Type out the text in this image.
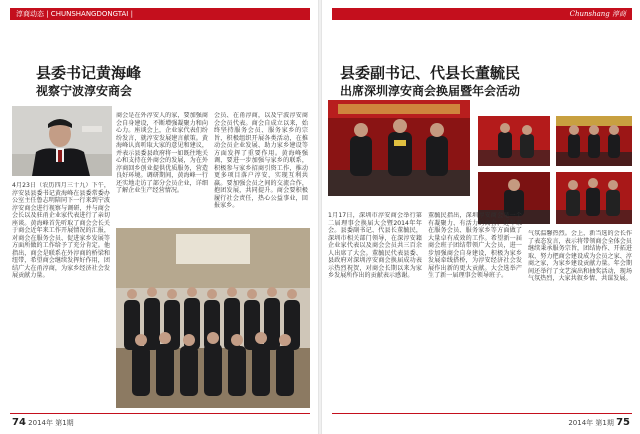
淳商动态 | CHUNSHANGDONGTAI |
县委书记黄海峰
视察宁波淳安商会
4月23日（农历四月三十九）下午，淳安县县委书记黄海峰在县委常委办公室主任鲁志明陪同下一行来到宁波淳安商会进行视察与调研，并与商会会长以及驻甬企业家代表进行了亲切座谈。黄海峰首先听取了商会会长关于商会近年来工作开展情况的汇报，对商会在服务会员、促进家乡发展等方面所做的工作给予了充分肯定。他指出，商会是联系在外淳商的桥梁和纽带，希望商会继续发挥好作用，团结广大在甬淳商，为家乡经济社会发展贡献力量。
商会是在外淳安人的家，要加强商会自身建设，不断增强凝聚力和向心力。座谈会上，企业家代表们纷纷发言，就淳安发展建言献策。黄海峰认真听取大家的意见和建议，并表示县委县政府将一如既往地关心和支持在外商会的发展，为在外淳商回乡创业提供优质服务，营造良好环境。调研期间，黄海峰一行还实地走访了部分会员企业，详细了解企业生产经营情况。
会员、在甬淳商，以及宁波淳安商会会员代表。商会自成立以来，始终坚持服务会员、服务家乡的宗旨，积极组织开展各类活动，在推动会员企业发展、助力家乡建设等方面发挥了重要作用。黄海峰强调，要进一步加强与家乡的联系，积极参与家乡招商引资工作，推动更多项目落户淳安，实现互利共赢。要加强会员之间的交流合作，抱团发展，共同提升。商会要积极履行社会责任，热心公益事业，回报家乡。
74 2014年 第1期
Chunshang 淳商
县委副书记、代县长董毓民
出席深圳淳安商会换届暨年会活动
1月17日，深圳市淳安商会举行第二届理事会换届大会暨2014年年会。县委副书记、代县长董毓民，深圳市相关部门领导，在深淳安籍企业家代表以及商会会员共三百余人出席了大会。董毓民代表县委、县政府对深圳淳安商会换届成功表示热烈祝贺，对商会长期以来为家乡发展所作出的贡献表示感谢。
董毓民指出，深圳淳安商会是一个有凝聚力、有活力的商会，近年来在服务会员、服务家乡等方面做了大量卓有成效的工作。希望新一届商会班子团结带领广大会员，进一步加强商会自身建设，积极为家乡发展牵线搭桥，为淳安经济社会发展作出新的更大贡献。大会选举产生了新一届理事会领导班子。
气氛温馨热烈。会上，新当选的会长作了表态发言，表示将带领商会全体会员继续秉承服务宗旨，团结协作、开拓进取，努力把商会建设成为会员之家、淳商之家，为家乡建设贡献力量。年会期间还举行了文艺演出和抽奖活动，现场气氛热烈，大家共叙乡情、共谋发展。
2014年 第1期 75
